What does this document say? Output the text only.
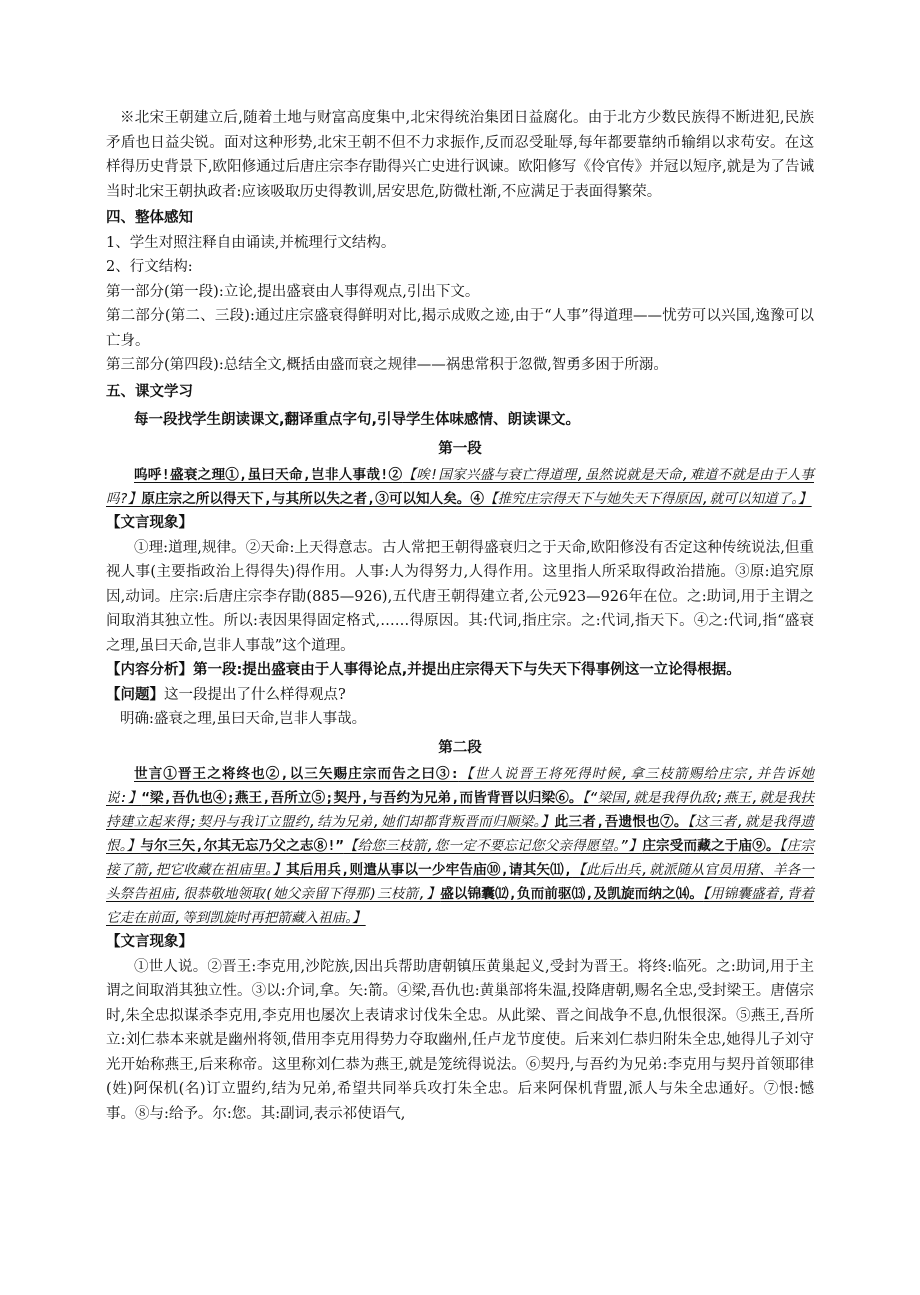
※北宋王朝建立后,随着土地与财富高度集中,北宋得统治集团日益腐化。由于北方少数民族得不断进犯,民族矛盾也日益尖锐。面对这种形势,北宋王朝不但不力求振作,反而忍受耻辱,每年都要靠纳币输绢以求苟安。在这样得历史背景下,欧阳修通过后唐庄宗李存勖得兴亡史进行讽谏。欧阳修写《伶官传》并冠以短序,就是为了告诫当时北宋王朝执政者:应该吸取历史得教训,居安思危,防微杜渐,不应满足于表面得繁荣。

四、整体感知

1、学生对照注释自由诵读,并梳理行文结构。

2、行文结构:

第一部分(第一段):立论,提出盛衰由人事得观点,引出下文。

第二部分(第二、三段):通过庄宗盛衰得鲜明对比,揭示成败之迹,由于“人事”得道理——忧劳可以兴国,逸豫可以亡身。

第三部分(第四段):总结全文,概括由盛而衰之规律——祸患常积于忽微,智勇多困于所溺。

五、课文学习

每一段找学生朗读课文,翻译重点字句,引导学生体味感情、朗读课文。

第一段

呜呼!盛衰之理①,虽曰天命,岂非人事哉!②【唉!国家兴盛与衰亡得道理,虽然说就是天命,难道不就是由于人事吗?】原庄宗之所以得天下,与其所以失之者,③可以知人矣。④【推究庄宗得天下与她失天下得原因,就可以知道了。】

【文言现象】

①理:道理,规律。②天命:上天得意志。古人常把王朝得盛衰归之于天命,欧阳修没有否定这种传统说法,但重视人事(主要指政治上得得失)得作用。人事:人为得努力,人得作用。这里指人所采取得政治措施。③原:追究原因,动词。庄宗:后唐庄宗李存勖(885—926),五代唐王朝得建立者,公元923—926年在位。之:助词,用于主谓之间取消其独立性。所以:表因果得固定格式,……得原因。其:代词,指庄宗。之:代词,指天下。④之:代词,指“盛衰之理,虽曰天命,岂非人事哉”这个道理。

【内容分析】第一段:提出盛衰由于人事得论点,并提出庄宗得天下与失天下得事例这一立论得根据。

【问题】这一段提出了什么样得观点?

明确:盛衰之理,虽曰天命,岂非人事哉。

第二段

世言①晋王之将终也②,以三矢赐庄宗而告之曰③:【世人说晋王将死得时候,拿三枝箭赐给庄宗,并告诉她说:】“梁,吾仇也④;燕王,吾所立⑤;契丹,与吾约为兄弟,而皆背晋以归梁⑥。【“梁国,就是我得仇敌;燕王,就是我扶持建立起来得;契丹与我订立盟约,结为兄弟,她们却都背叛晋而归顺梁。】此三者,吾遗恨也⑦。【这三者,就是我得遗恨。】与尔三矢,尔其无忘乃父之志⑧!”【给您三枝箭,您一定不要忘记您父亲得愿望。”】庄宗受而藏之于庙⑨。【庄宗接了箭,把它收藏在祖庙里。】其后用兵,则遣从事以一少牢告庙⑩,请其矢⑾,【此后出兵,就派随从官员用猪、羊各一头祭告祖庙,很恭敬地领取(她父亲留下得那)三枝箭,】盛以锦囊⑿,负而前驱⒀,及凯旋而纳之⒁。【用锦囊盛着,背着它走在前面,等到凯旋时再把箭藏入祖庙。】

【文言现象】

①世人说。②晋王:李克用,沙陀族,因出兵帮助唐朝镇压黄巢起义,受封为晋王。将终:临死。之:助词,用于主谓之间取消其独立性。③以:介词,拿。矢:箭。④梁,吾仇也:黄巢部将朱温,投降唐朝,赐名全忠,受封梁王。唐僖宗时,朱全忠拟谋杀李克用,李克用也屡次上表请求讨伐朱全忠。从此梁、晋之间战争不息,仇恨很深。⑤燕王,吾所立:刘仁恭本来就是幽州将领,借用李克用得势力夺取幽州,任卢龙节度使。后来刘仁恭归附朱全忠,她得儿子刘守光开始称燕王,后来称帝。这里称刘仁恭为燕王,就是笼统得说法。⑥契丹,与吾约为兄弟:李克用与契丹首领耶律(姓)阿保机(名)订立盟约,结为兄弟,希望共同举兵攻打朱全忠。后来阿保机背盟,派人与朱全忠通好。⑦恨:憾事。⑧与:给予。尔:您。其:副词,表示祁使语气,
